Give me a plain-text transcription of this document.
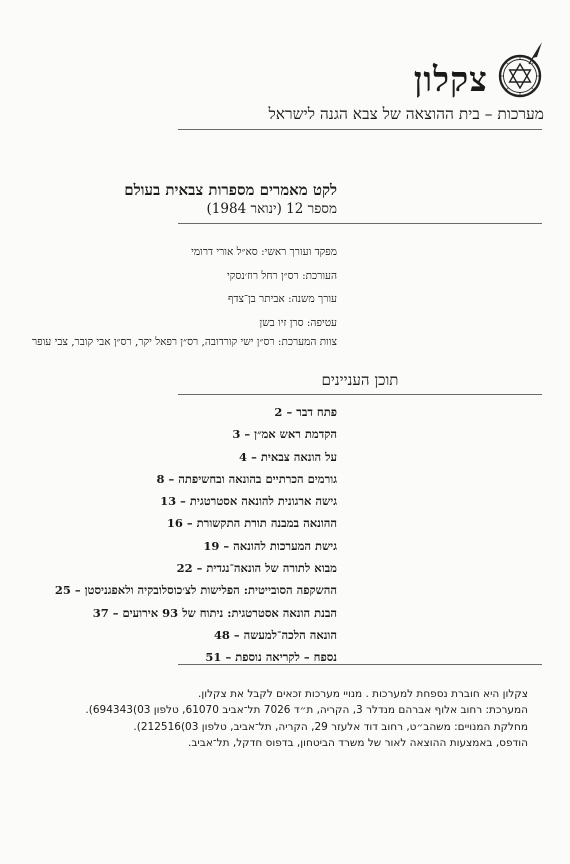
צקלון
מערכות – בית ההוצאה של צבא הגנה לישראל
לקט מאמרים מספרות צבאית בעולם
מספר 12 (ינואר 1984)
מפקד ועורך ראשי: סא״ל אורי דרומי
העורכת: רס״ן רחל רוז׳נסקי
עורך משנה: אביתר בן־צדף
עטיפה: סרן זיו בשן
צוות המערכת: רס״ן ישי קורדובה, רס״ן רפאל יקר, רס״ן אבי קובר, צבי עופר
תוכן העניינים
פתח דבר – 2
הקדמת ראש אמ״ן – 3
על הונאה צבאית – 4
גורמים הכרתיים בהונאה ובחשיפתה – 8
גישה ארגונית להונאה אסטרטגית – 13
ההונאה במבנה תורת התקשורת – 16
גישת המערכות להונאה – 19
מבוא לתורה של הונאה־נגדית – 22
ההשקפה הסובייטית: הפלישות לצ׳כוסלובקיה ולאפגניסטן – 25
הבנת הונאה אסטרטגית: ניתוח של 93 אירועים – 37
הונאה הלכה־למעשה – 48
נספח – לקריאה נוספת – 51
צקלון היא חוברת נספחת למערכות . מנויי מערכות זכאים לקבל את צקלון.
המערכת: רחוב אלוף אברהם מנדלר 3, הקריה, ת״ד 7026 תל־אביב 61070, טלפון 03)694343).
מחלקת המנויים: משהב״ט, רחוב דוד אלעזר 29, הקריה, תל־אביב, טלפון 03)212516).
הודפס, באמצעות ההוצאה לאור של משרד הביטחון, בדפוס חדקל, תל־אביב.
